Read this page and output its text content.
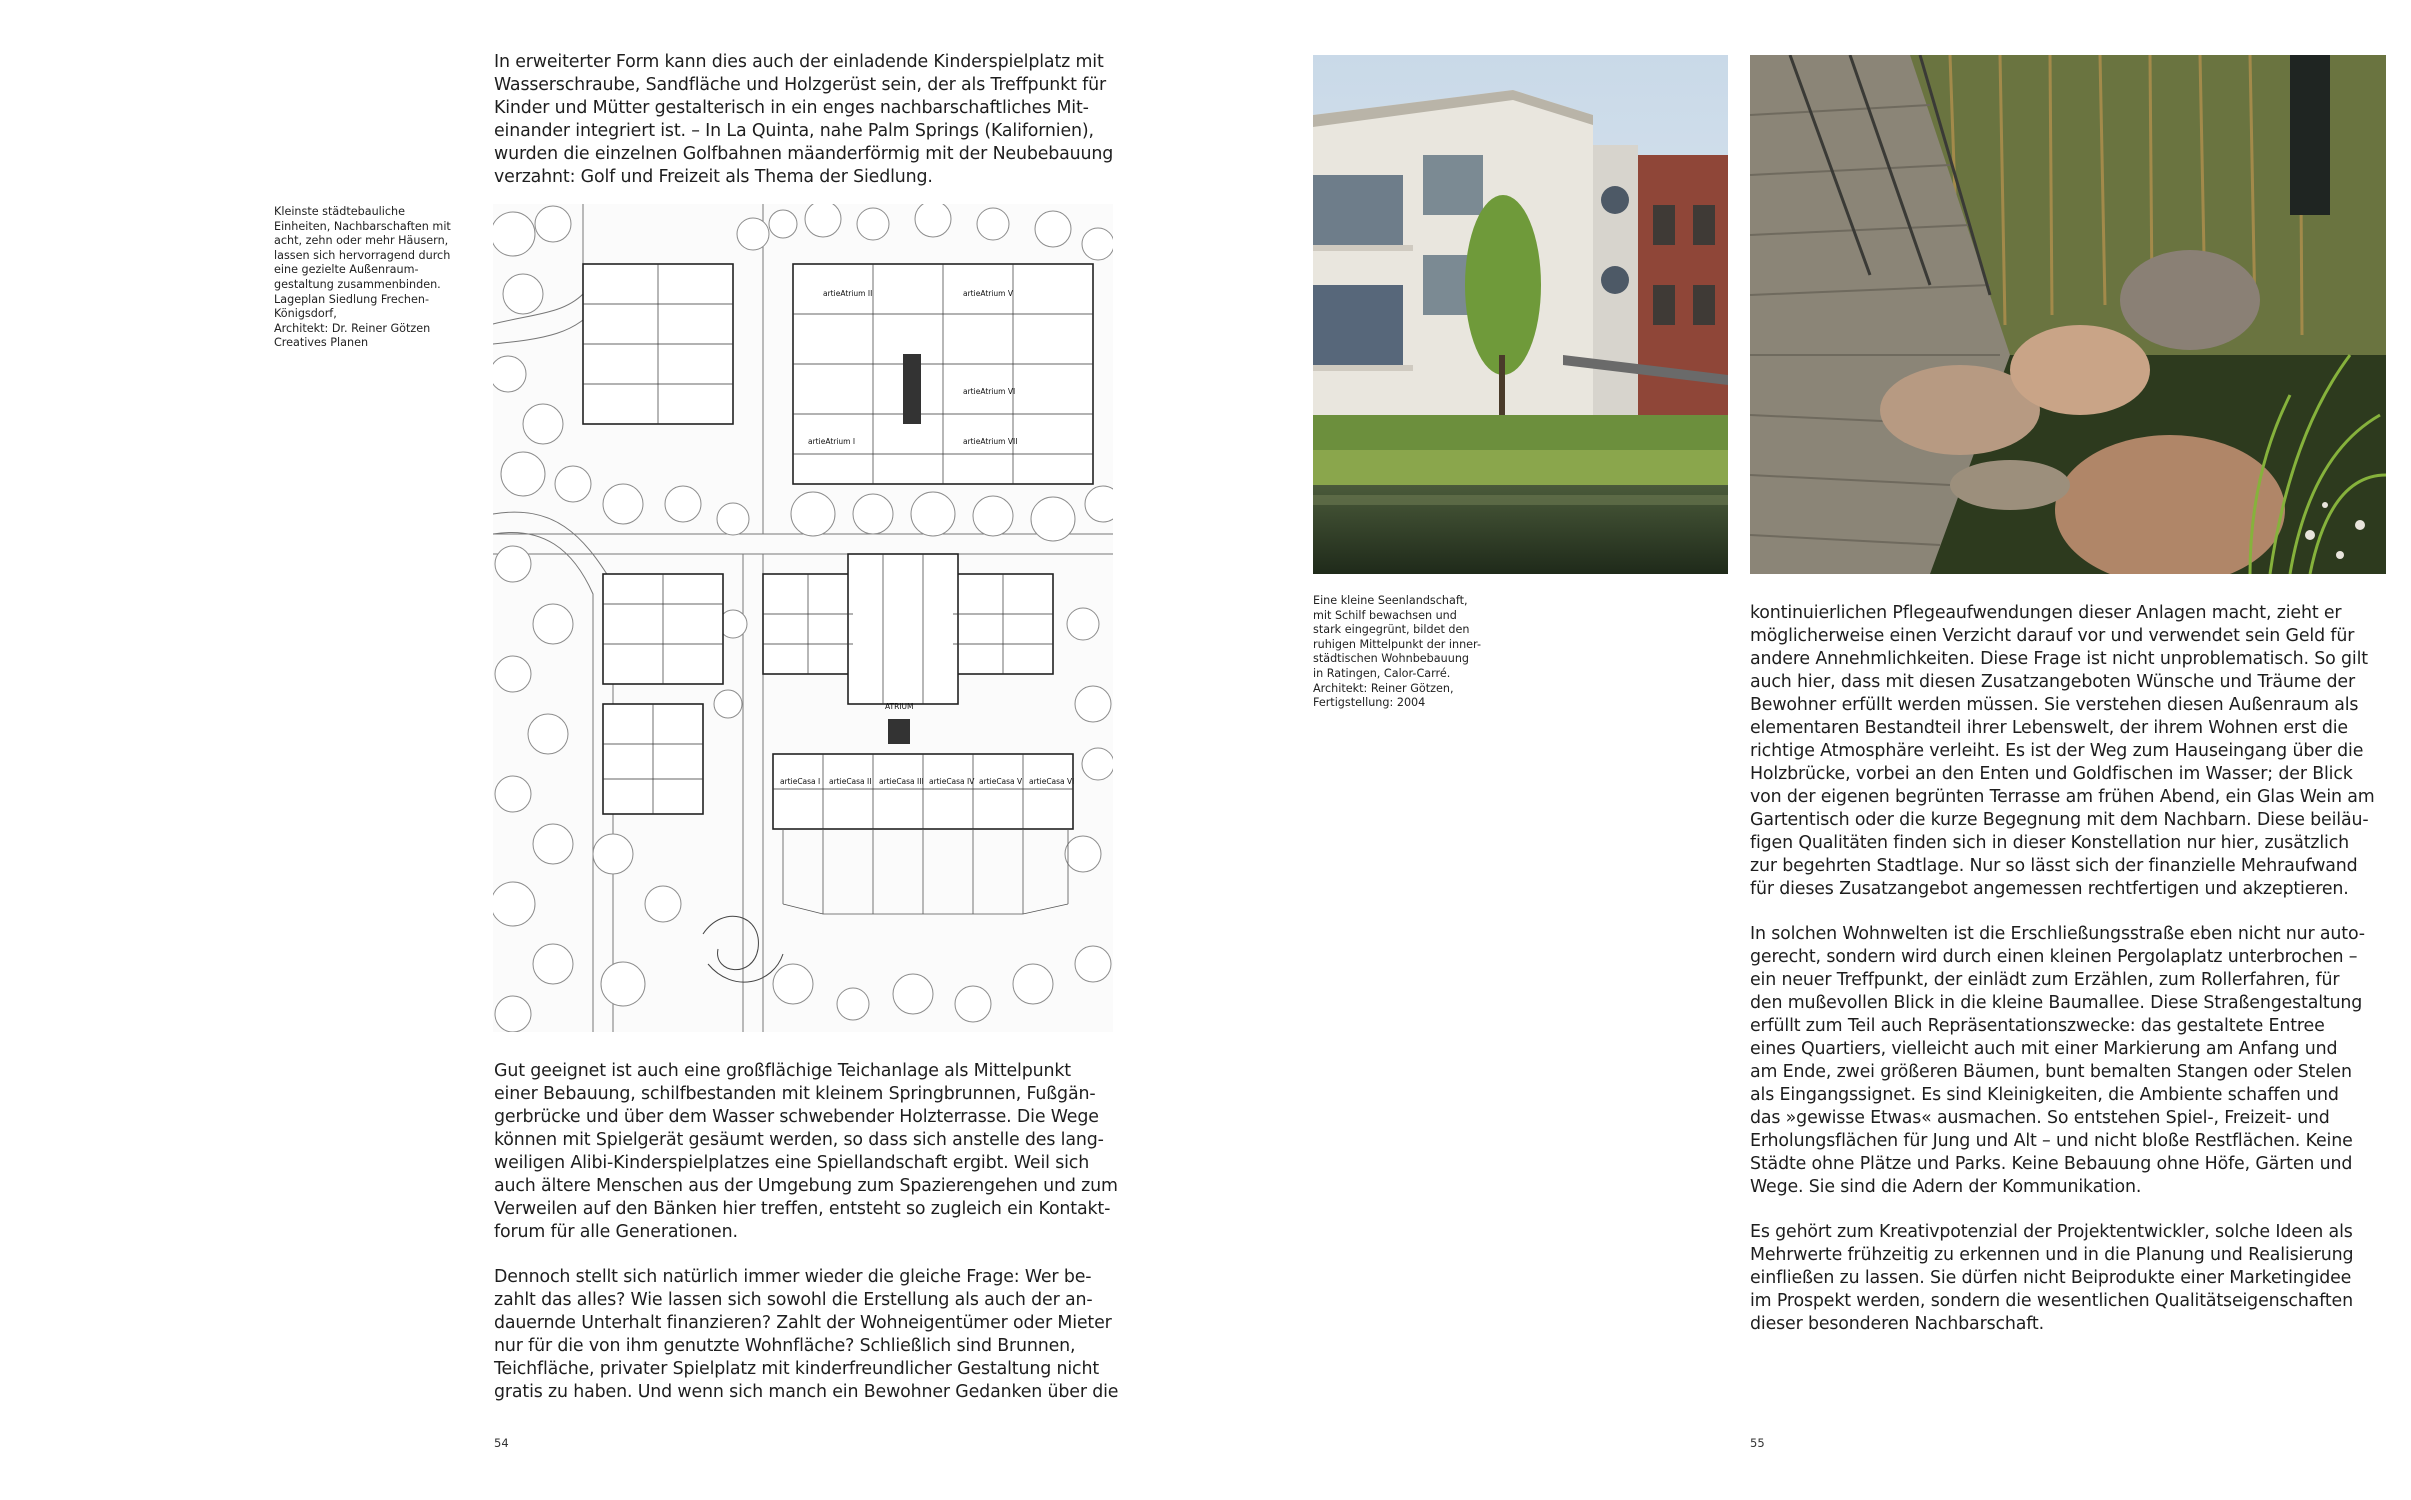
In erweiterter Form kann dies auch der einladende Kinderspielplatz mit
Wasserschraube, Sandfläche und Holzgerüst sein, der als Treffpunkt für
Kinder und Mütter gestalterisch in ein enges nachbarschaftliches Mit-
einander integriert ist. – In La Quinta, nahe Palm Springs (Kalifornien),
wurden die einzelnen Golfbahnen mäanderförmig mit der Neubebauung
verzahnt: Golf und Freizeit als Thema der Siedlung.

Kleinste städtebauliche
Einheiten, Nachbarschaften mit
acht, zehn oder mehr Häusern,
lassen sich hervorragend durch
eine gezielte Außenraum-
gestaltung zusammenbinden.
Lageplan Siedlung Frechen-
Königsdorf,
Architekt: Dr. Reiner Götzen
Creatives Planen
artieAtrium V
artieAtrium VI
artieAtrium VII
artieAtrium I
artieAtrium II
ATRIUM
artieCasa I artieCasa II artieCasa III artieCasa IV artieCasa V artieCasa VI

Gut geeignet ist auch eine großflächige Teichanlage als Mittelpunkt
einer Bebauung, schilfbestanden mit kleinem Springbrunnen, Fußgän-
gerbrücke und über dem Wasser schwebender Holzterrasse. Die Wege
können mit Spielgerät gesäumt werden, so dass sich anstelle des lang-
weiligen Alibi-Kinderspielplatzes eine Spiellandschaft ergibt. Weil sich
auch ältere Menschen aus der Umgebung zum Spazierengehen und zum
Verweilen auf den Bänken hier treffen, entsteht so zugleich ein Kontakt-
forum für alle Generationen.

Dennoch stellt sich natürlich immer wieder die gleiche Frage: Wer be-
zahlt das alles? Wie lassen sich sowohl die Erstellung als auch der an-
dauernde Unterhalt finanzieren? Zahlt der Wohneigentümer oder Mieter
nur für die von ihm genutzte Wohnfläche? Schließlich sind Brunnen,
Teichfläche, privater Spielplatz mit kinderfreundlicher Gestaltung nicht
gratis zu haben. Und wenn sich manch ein Bewohner Gedanken über die

54
Eine kleine Seenlandschaft,
mit Schilf bewachsen und
stark eingegrünt, bildet den
ruhigen Mittelpunkt der inner-
städtischen Wohnbebauung
in Ratingen, Calor-Carré.
Architekt: Reiner Götzen,
Fertigstellung: 2004

kontinuierlichen Pflegeaufwendungen dieser Anlagen macht, zieht er
möglicherweise einen Verzicht darauf vor und verwendet sein Geld für
andere Annehmlichkeiten. Diese Frage ist nicht unproblematisch. So gilt
auch hier, dass mit diesen Zusatzangeboten Wünsche und Träume der
Bewohner erfüllt werden müssen. Sie verstehen diesen Außenraum als
elementaren Bestandteil ihrer Lebenswelt, der ihrem Wohnen erst die
richtige Atmosphäre verleiht. Es ist der Weg zum Hauseingang über die
Holzbrücke, vorbei an den Enten und Goldfischen im Wasser; der Blick
von der eigenen begrünten Terrasse am frühen Abend, ein Glas Wein am
Gartentisch oder die kurze Begegnung mit dem Nachbarn. Diese beiläu-
figen Qualitäten finden sich in dieser Konstellation nur hier, zusätzlich
zur begehrten Stadtlage. Nur so lässt sich der finanzielle Mehraufwand
für dieses Zusatzangebot angemessen rechtfertigen und akzeptieren.

In solchen Wohnwelten ist die Erschließungsstraße eben nicht nur auto-
gerecht, sondern wird durch einen kleinen Pergolaplatz unterbrochen –
ein neuer Treffpunkt, der einlädt zum Erzählen, zum Rollerfahren, für
den mußevollen Blick in die kleine Baumallee. Diese Straßengestaltung
erfüllt zum Teil auch Repräsentationszwecke: das gestaltete Entree
eines Quartiers, vielleicht auch mit einer Markierung am Anfang und
am Ende, zwei größeren Bäumen, bunt bemalten Stangen oder Stelen
als Eingangssignet. Es sind Kleinigkeiten, die Ambiente schaffen und
das »gewisse Etwas« ausmachen. So entstehen Spiel-, Freizeit- und
Erholungsflächen für Jung und Alt – und nicht bloße Restflächen. Keine
Städte ohne Plätze und Parks. Keine Bebauung ohne Höfe, Gärten und
Wege. Sie sind die Adern der Kommunikation.

Es gehört zum Kreativpotenzial der Projektentwickler, solche Ideen als
Mehrwerte frühzeitig zu erkennen und in die Planung und Realisierung
einfließen zu lassen. Sie dürfen nicht Beiprodukte einer Marketingidee
im Prospekt werden, sondern die wesentlichen Qualitätseigenschaften
dieser besonderen Nachbarschaft.

55
